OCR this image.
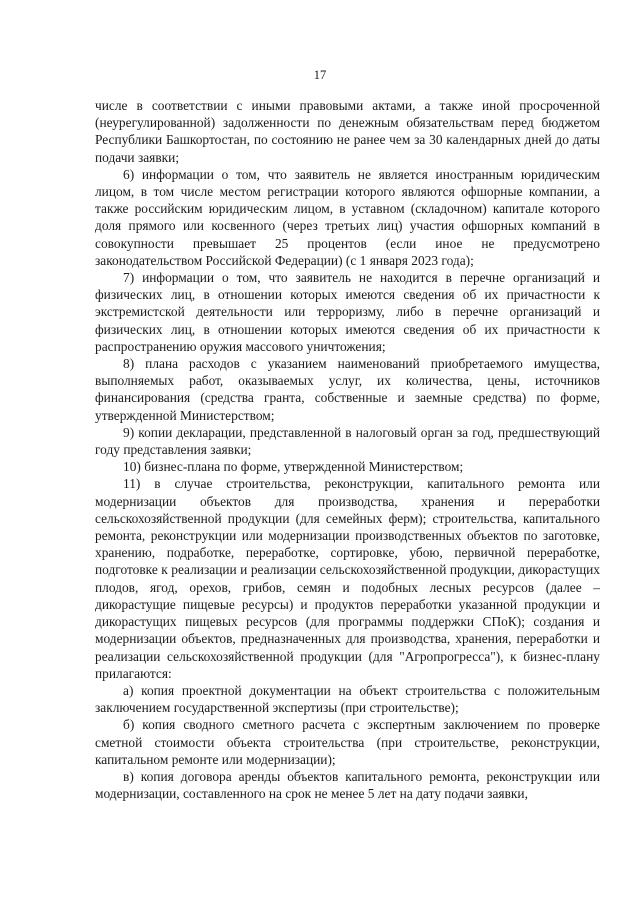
17

числе в соответствии с иными правовыми актами, а также иной просроченной (неурегулированной) задолженности по денежным обязательствам перед бюджетом Республики Башкортостан, по состоянию не ранее чем за 30 календарных дней до даты подачи заявки;

6) информации о том, что заявитель не является иностранным юридическим лицом, в том числе местом регистрации которого являются офшорные компании, а также российским юридическим лицом, в уставном (складочном) капитале которого доля прямого или косвенного (через третьих лиц) участия офшорных компаний в совокупности превышает 25 процентов (если иное не предусмотрено законодательством Российской Федерации) (с 1 января 2023 года);

7) информации о том, что заявитель не находится в перечне организаций и физических лиц, в отношении которых имеются сведения об их причастности к экстремистской деятельности или терроризму, либо в перечне организаций и физических лиц, в отношении которых имеются сведения об их причастности к распространению оружия массового уничтожения;

8) плана расходов с указанием наименований приобретаемого имущества, выполняемых работ, оказываемых услуг, их количества, цены, источников финансирования (средства гранта, собственные и заемные средства) по форме, утвержденной Министерством;

9) копии декларации, представленной в налоговый орган за год, предшествующий году представления заявки;

10) бизнес-плана по форме, утвержденной Министерством;

11) в случае строительства, реконструкции, капитального ремонта или модернизации объектов для производства, хранения и переработки сельскохозяйственной продукции (для семейных ферм); строительства, капитального ремонта, реконструкции или модернизации производственных объектов по заготовке, хранению, подработке, переработке, сортировке, убою, первичной переработке, подготовке к реализации и реализации сельскохозяйственной продукции, дикорастущих плодов, ягод, орехов, грибов, семян и подобных лесных ресурсов (далее – дикорастущие пищевые ресурсы) и продуктов переработки указанной продукции и дикорастущих пищевых ресурсов (для программы поддержки СПоК); создания и модернизации объектов, предназначенных для производства, хранения, переработки и реализации сельскохозяйственной продукции (для "Агропрогресса"), к бизнес-плану прилагаются:

а) копия проектной документации на объект строительства с положительным заключением государственной экспертизы (при строительстве);

б) копия сводного сметного расчета с экспертным заключением по проверке сметной стоимости объекта строительства (при строительстве, реконструкции, капитальном ремонте или модернизации);

в) копия договора аренды объектов капитального ремонта, реконструкции или модернизации, составленного на срок не менее 5 лет на дату подачи заявки,
